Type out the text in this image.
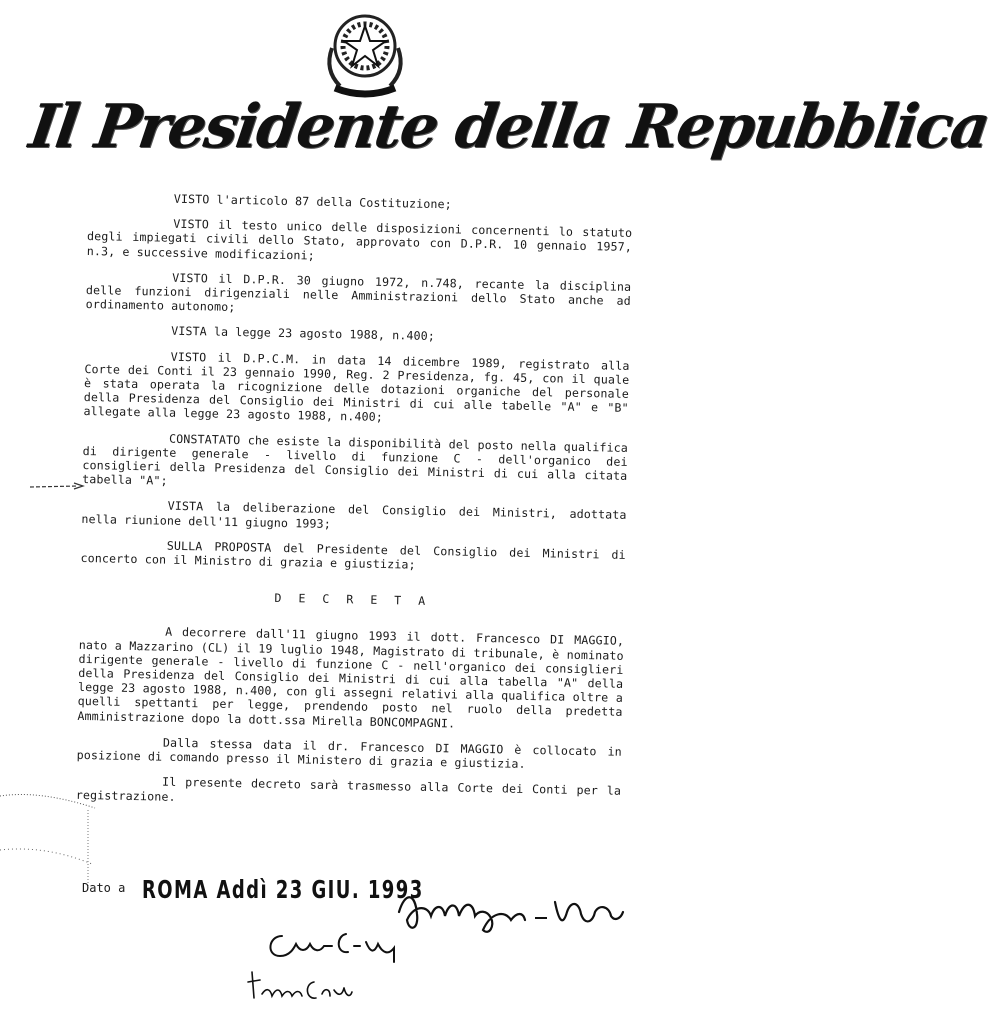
Il Presidente della Repubblica

VISTO l'articolo 87 della Costituzione;

VISTO il testo unico delle disposizioni concernenti lo statuto degli impiegati civili dello Stato, approvato con D.P.R. 10 gennaio 1957, n.3, e successive modificazioni;

VISTO il D.P.R. 30 giugno 1972, n.748, recante la disciplina delle funzioni dirigenziali nelle Amministrazioni dello Stato anche ad ordinamento autonomo;

VISTA la legge 23 agosto 1988, n.400;

VISTO il D.P.C.M. in data 14 dicembre 1989, registrato alla Corte dei Conti il 23 gennaio 1990, Reg. 2 Presidenza, fg. 45, con il quale è stata operata la ricognizione delle dotazioni organiche del personale della Presidenza del Consiglio dei Ministri di cui alle tabelle "A" e "B" allegate alla legge 23 agosto 1988, n.400;

CONSTATATO che esiste la disponibilità del posto nella qualifica di dirigente generale - livello di funzione C - dell'organico dei consiglieri della Presidenza del Consiglio dei Ministri di cui alla citata tabella "A";

VISTA la deliberazione del Consiglio dei Ministri, adottata nella riunione dell'11 giugno 1993;

SULLA PROPOSTA del Presidente del Consiglio dei Ministri di concerto con il Ministro di grazia e giustizia;

D E C R E T A

A decorrere dall'11 giugno 1993 il dott. Francesco DI MAGGIO, nato a Mazzarino (CL) il 19 luglio 1948, Magistrato di tribunale, è nominato dirigente generale - livello di funzione C - nell'organico dei consiglieri della Presidenza del Consiglio dei Ministri di cui alla tabella "A" della legge 23 agosto 1988, n.400, con gli assegni relativi alla qualifica oltre a quelli spettanti per legge, prendendo posto nel ruolo della predetta Amministrazione dopo la dott.ssa Mirella BONCOMPAGNI.

Dalla stessa data il dr. Francesco DI MAGGIO è collocato in posizione di comando presso il Ministero di grazia e giustizia.

Il presente decreto sarà trasmesso alla Corte dei Conti per la registrazione.

Dato a ROMA Addì 23 GIU. 1993
